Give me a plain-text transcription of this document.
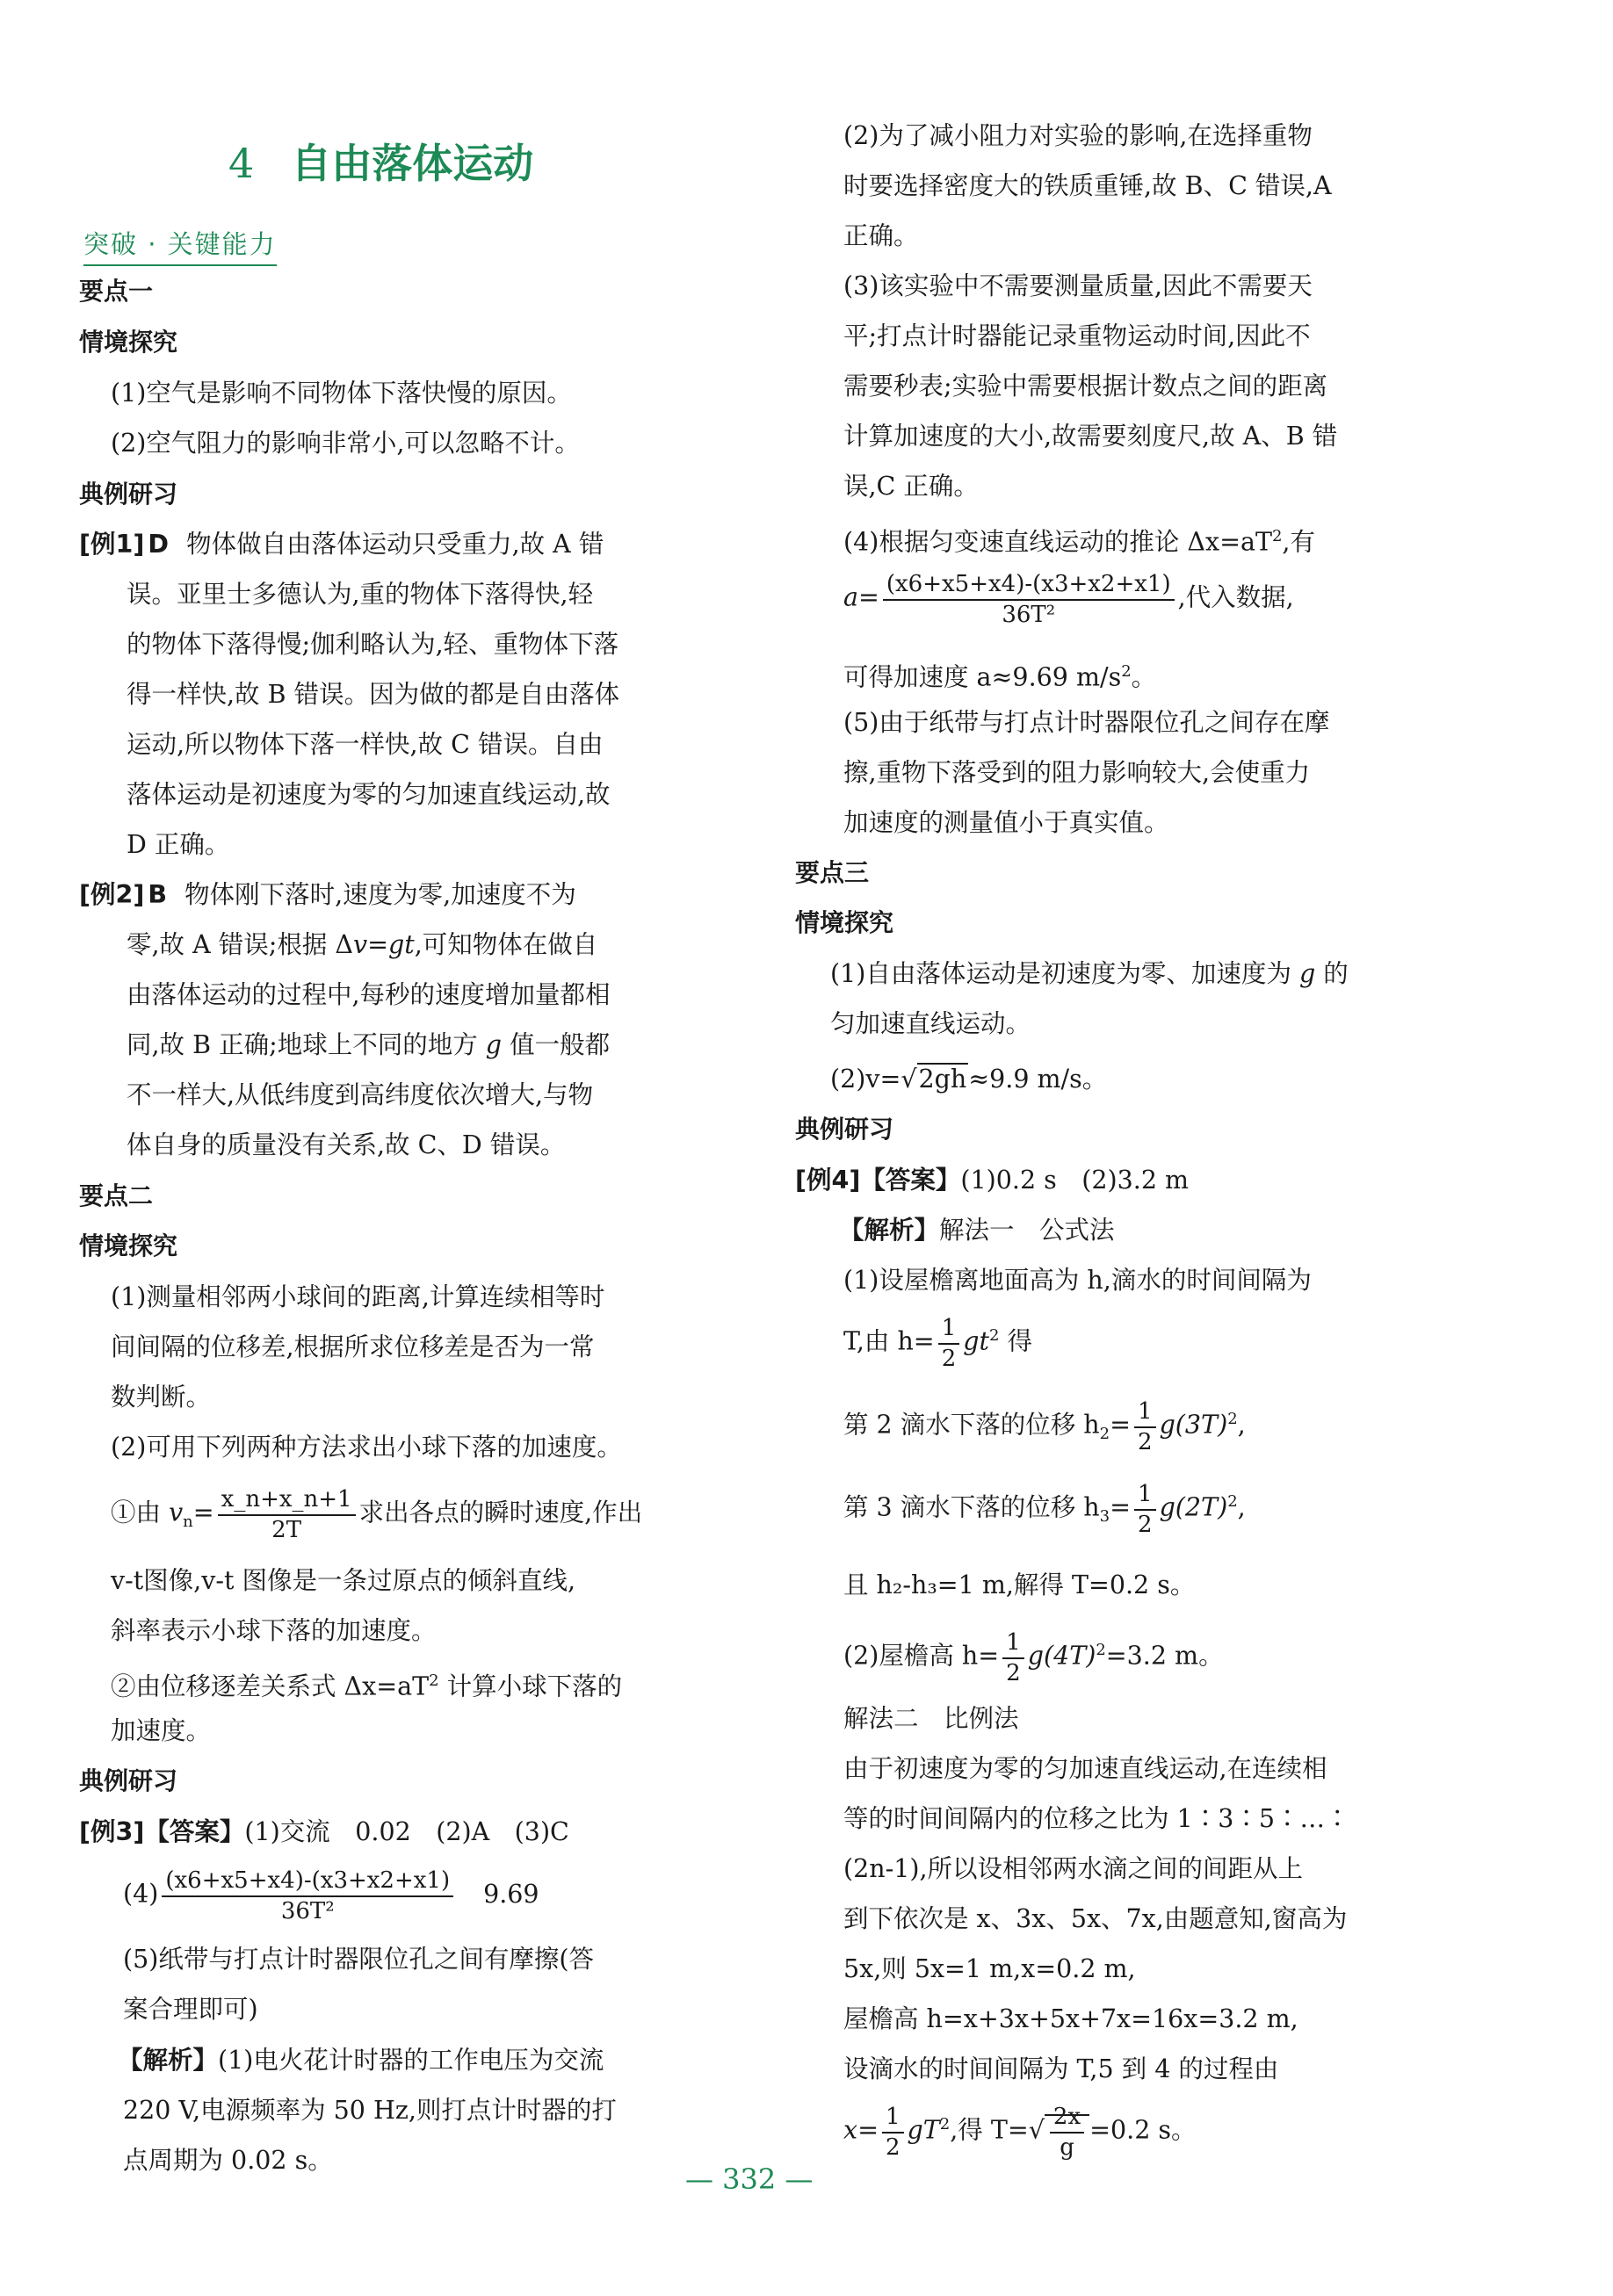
4 自由落体运动
突破 · 关键能力
要点一
情境探究
(1)空气是影响不同物体下落快慢的原因。
(2)空气阻力的影响非常小,可以忽略不计。
典例研习
[例1] D 物体做自由落体运动只受重力,故 A 错
误。亚里士多德认为,重的物体下落得快,轻
的物体下落得慢;伽利略认为,轻、重物体下落
得一样快,故 B 错误。因为做的都是自由落体
运动,所以物体下落一样快,故 C 错误。自由
落体运动是初速度为零的匀加速直线运动,故
D 正确。
[例2] B 物体刚下落时,速度为零,加速度不为
零,故 A 错误;根据 Δv=gt,可知物体在做自
由落体运动的过程中,每秒的速度增加量都相
同,故 B 正确;地球上不同的地方 g 值一般都
不一样大,从低纬度到高纬度依次增大,与物
体自身的质量没有关系,故 C、D 错误。
要点二
情境探究
(1)测量相邻两小球间的距离,计算连续相等时
间间隔的位移差,根据所求位移差是否为一常
数判断。
(2)可用下列两种方法求出小球下落的加速度。
①由 $v_n= \frac{x\_n+x\_n+1}{2T}$ 求出各点的瞬时速度,作出
v-t图像,v-t 图像是一条过原点的倾斜直线,
斜率表示小球下落的加速度。
②由位移逐差关系式 $\Delta x=aT^2$ 计算小球下落的
加速度。
典例研习
[例3]【答案】(1)交流　0.02　(2)A　(3)C
$(4) \frac{(x6+x5+x4)-(x3+x2+x1)}{\text{36T²}} 9.69$
(5)纸带与打点计时器限位孔之间有摩擦(答
案合理即可)
【解析】(1)电火花计时器的工作电压为交流
220 V,电源频率为 50 Hz,则打点计时器的打
点周期为 0.02 s。
(2)为了减小阻力对实验的影响,在选择重物
时要选择密度大的铁质重锤,故 B、C 错误,A
正确。
(3)该实验中不需要测量质量,因此不需要天
平;打点计时器能记录重物运动时间,因此不
需要秒表;实验中需要根据计数点之间的距离
计算加速度的大小,故需要刻度尺,故 A、B 错
误,C 正确。
(4)根据匀变速直线运动的推论 $\Delta x=aT^2$,有
$a= \frac{(x6+x5+x4)-(x3+x2+x1)}{\text{36T²}}$ ,代入数据,
可得加速度 a≈9.69 $m/s^2$。
(5)由于纸带与打点计时器限位孔之间存在摩
擦,重物下落受到的阻力影响较大,会使重力
加速度的测量值小于真实值。
要点三
情境探究
(1)自由落体运动是初速度为零、加速度为 g 的
匀加速直线运动。
(2)v=√2gh≈9.9 m/s。
典例研习
[例4]【答案】(1)0.2 s　(2)3.2 m
【解析】解法一　公式法
(1)设屋檐离地面高为 h,滴水的时间间隔为
T,由 $h= \frac{1}{2} gt^2$ 得
第 2 滴水下落的位移 $h_2= \frac{1}{2} g(3T)^2$,
第 3 滴水下落的位移 $h_3= \frac{1}{2} g(2T)^2$,
且 h₂-h₃=1 m,解得 T=0.2 s。
(2)屋檐高 $h= \frac{1}{2} g(4T)^2=3.2$ m。
解法二　比例法
由于初速度为零的匀加速直线运动,在连续相
等的时间间隔内的位移之比为 1∶3∶5∶…∶
(2n-1),所以设相邻两水滴之间的间距从上
到下依次是 x、3x、5x、7x,由题意知,窗高为
5x,则 5x=1 m,x=0.2 m,
屋檐高 h=x+3x+5x+7x=16x=3.2 m,
设滴水的时间间隔为 T,5 到 4 的过程由
$x= \frac{1}{2} gT^2$,得 $T=√ \frac{2x}{g} =0.2$ s。
— 332 —
